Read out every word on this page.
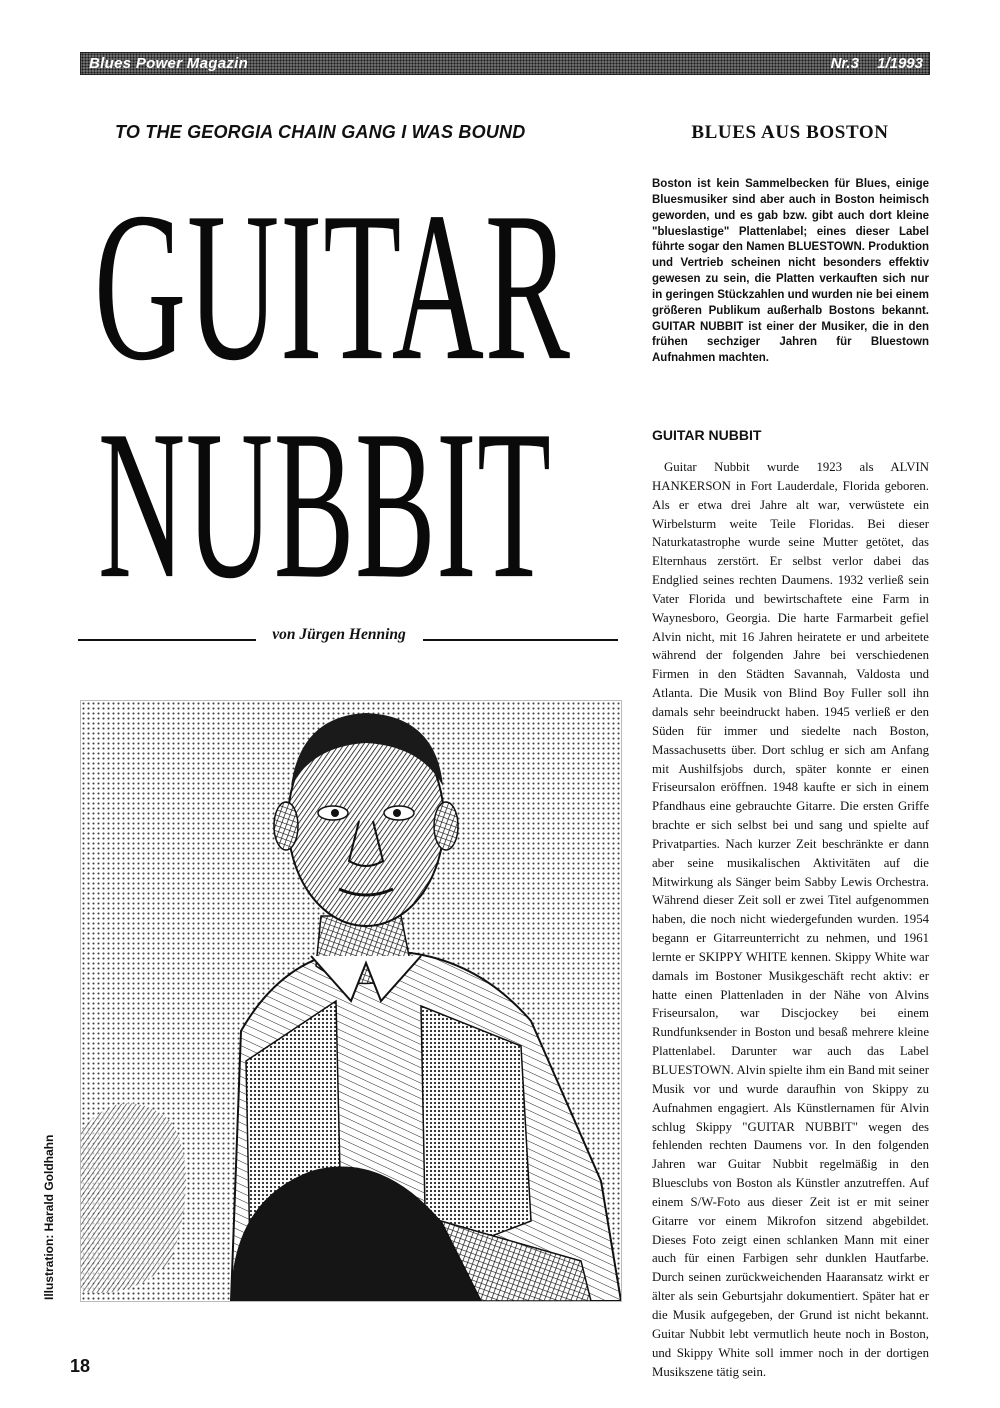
Blues Power Magazin	Nr.3 1/1993
TO THE GEORGIA CHAIN GANG I WAS BOUND
GUITAR
NUBBIT
von Jürgen Henning
Illustration: Harald Goldhahn
18
BLUES AUS BOSTON
Boston ist kein Sammelbecken für Blues, einige Bluesmusiker sind aber auch in Boston heimisch geworden, und es gab bzw. gibt auch dort kleine "blueslastige" Plattenlabel; eines dieser Label führte sogar den Namen BLUESTOWN. Produktion und Vertrieb scheinen nicht besonders effektiv gewesen zu sein, die Platten verkauften sich nur in geringen Stückzahlen und wurden nie bei einem größeren Publikum außerhalb Bostons bekannt. GUITAR NUBBIT ist einer der Musiker, die in den frühen sechziger Jahren für Bluestown Aufnahmen machten.
GUITAR NUBBIT
Guitar Nubbit wurde 1923 als ALVIN HANKERSON in Fort Lauderdale, Florida geboren. Als er etwa drei Jahre alt war, verwüstete ein Wirbelsturm weite Teile Floridas. Bei dieser Naturkatastrophe wurde seine Mutter getötet, das Elternhaus zerstört. Er selbst verlor dabei das Endglied seines rechten Daumens. 1932 verließ sein Vater Florida und bewirtschaftete eine Farm in Waynesboro, Georgia. Die harte Farmarbeit gefiel Alvin nicht, mit 16 Jahren heiratete er und arbeitete während der folgenden Jahre bei verschiedenen Firmen in den Städten Savannah, Valdosta und Atlanta. Die Musik von Blind Boy Fuller soll ihn damals sehr beeindruckt haben. 1945 verließ er den Süden für immer und siedelte nach Boston, Massachusetts über. Dort schlug er sich am Anfang mit Aushilfsjobs durch, später konnte er einen Friseursalon eröffnen. 1948 kaufte er sich in einem Pfandhaus eine gebrauchte Gitarre. Die ersten Griffe brachte er sich selbst bei und sang und spielte auf Privatparties. Nach kurzer Zeit beschränkte er dann aber seine musikalischen Aktivitäten auf die Mitwirkung als Sänger beim Sabby Lewis Orchestra. Während dieser Zeit soll er zwei Titel aufgenommen haben, die noch nicht wiedergefunden wurden. 1954 begann er Gitarreunterricht zu nehmen, und 1961 lernte er SKIPPY WHITE kennen. Skippy White war damals im Bostoner Musikgeschäft recht aktiv: er hatte einen Plattenladen in der Nähe von Alvins Friseursalon, war Discjockey bei einem Rundfunksender in Boston und besaß mehrere kleine Plattenlabel. Darunter war auch das Label BLUESTOWN. Alvin spielte ihm ein Band mit seiner Musik vor und wurde daraufhin von Skippy zu Aufnahmen engagiert. Als Künstlernamen für Alvin schlug Skippy "GUITAR NUBBIT" wegen des fehlenden rechten Daumens vor. In den folgenden Jahren war Guitar Nubbit regelmäßig in den Bluesclubs von Boston als Künstler anzutreffen. Auf einem S/W-Foto aus dieser Zeit ist er mit seiner Gitarre vor einem Mikrofon sitzend abgebildet. Dieses Foto zeigt einen schlanken Mann mit einer auch für einen Farbigen sehr dunklen Hautfarbe. Durch seinen zurückweichenden Haaransatz wirkt er älter als sein Geburtsjahr dokumentiert. Später hat er die Musik aufgegeben, der Grund ist nicht bekannt. Guitar Nubbit lebt vermutlich heute noch in Boston, und Skippy White soll immer noch in der dortigen Musikszene tätig sein.
